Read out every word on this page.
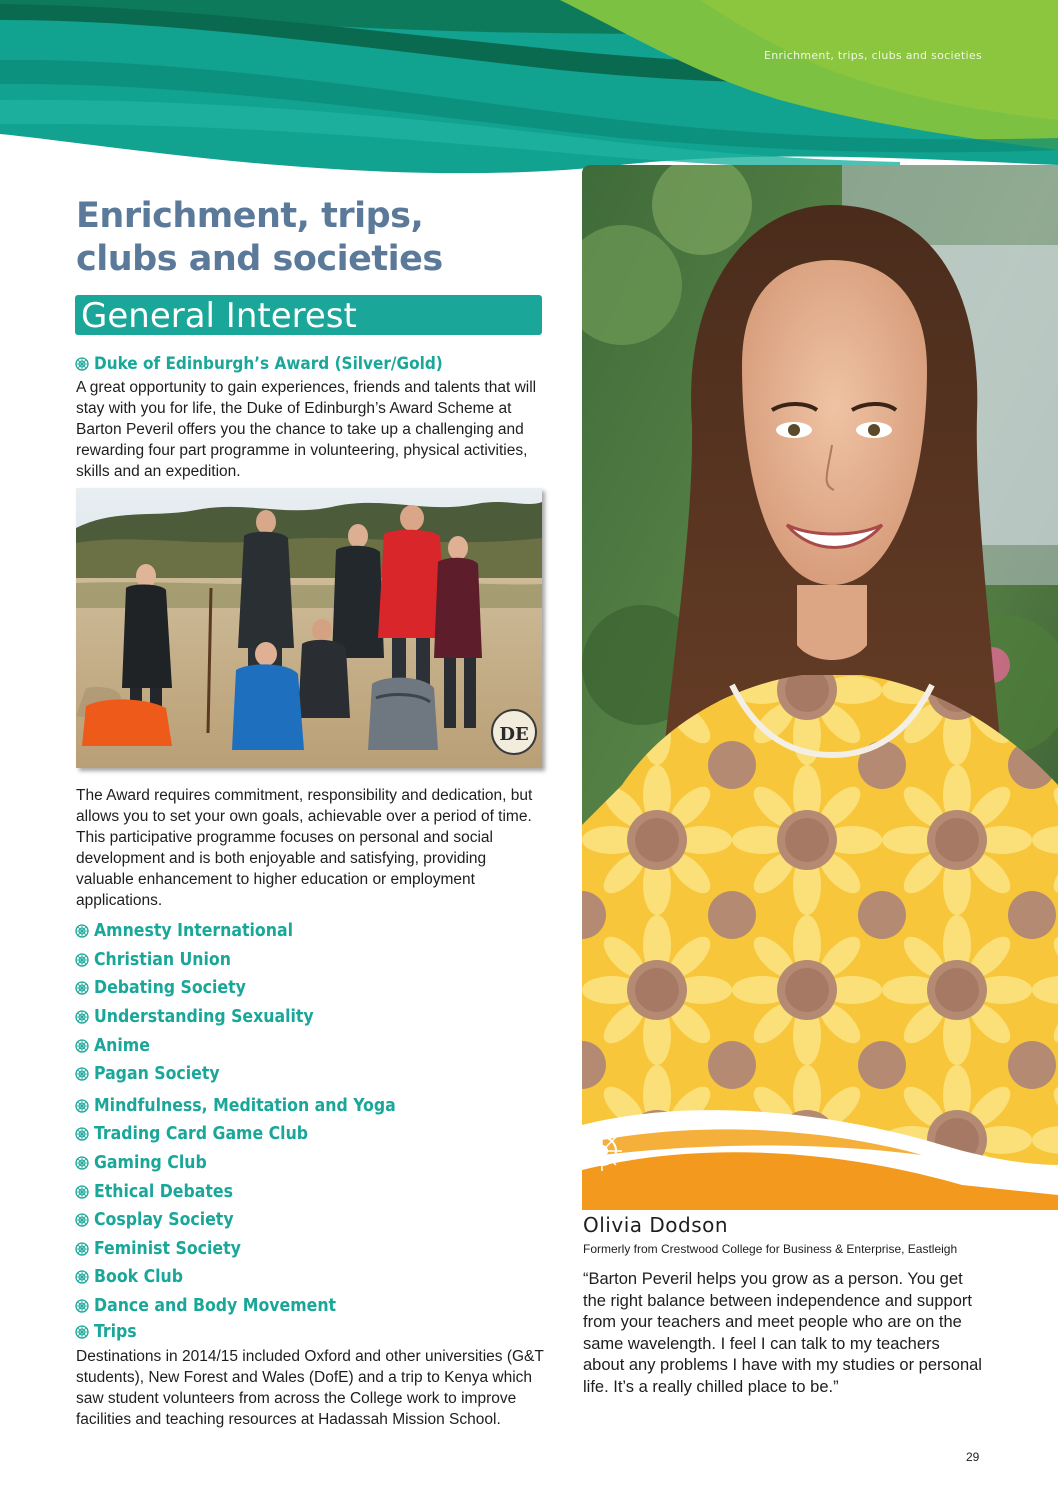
Enrichment, trips, clubs and societies
Enrichment, trips,
clubs and societies
General Interest
Duke of Edinburgh’s Award (Silver/Gold)

A great opportunity to gain experiences, friends and talents that will stay with you for life, the Duke of Edinburgh’s Award Scheme at Barton Peveril offers you the chance to take up a challenging and rewarding four part programme in volunteering, physical activities, skills and an expedition.

DE

The Award requires commitment, responsibility and dedication, but allows you to set your own goals, achievable over a period of time. This participative programme focuses on personal and social development and is both enjoyable and satisfying, providing valuable enhancement to higher education or employment applications.

Amnesty International
Christian Union
Debating Society
Understanding Sexuality
Anime
Pagan Society
Mindfulness, Meditation and Yoga
Trading Card Game Club
Gaming Club
Ethical Debates
Cosplay Society
Feminist Society
Book Club
Dance and Body Movement
Trips

Destinations in 2014/15 included Oxford and other universities (G&T students), New Forest and Wales (DofE) and a trip to Kenya which saw student volunteers from across the College work to improve facilities and teaching resources at Hadassah Mission School.

Olivia Dodson
Formerly from Crestwood College for Business & Enterprise, Eastleigh

“Barton Peveril helps you grow as a person. You get the right balance between independence and support from your teachers and meet people who are on the same wavelength. I feel I can talk to my teachers about any problems I have with my studies or personal life. It’s a really chilled place to be.”

29
